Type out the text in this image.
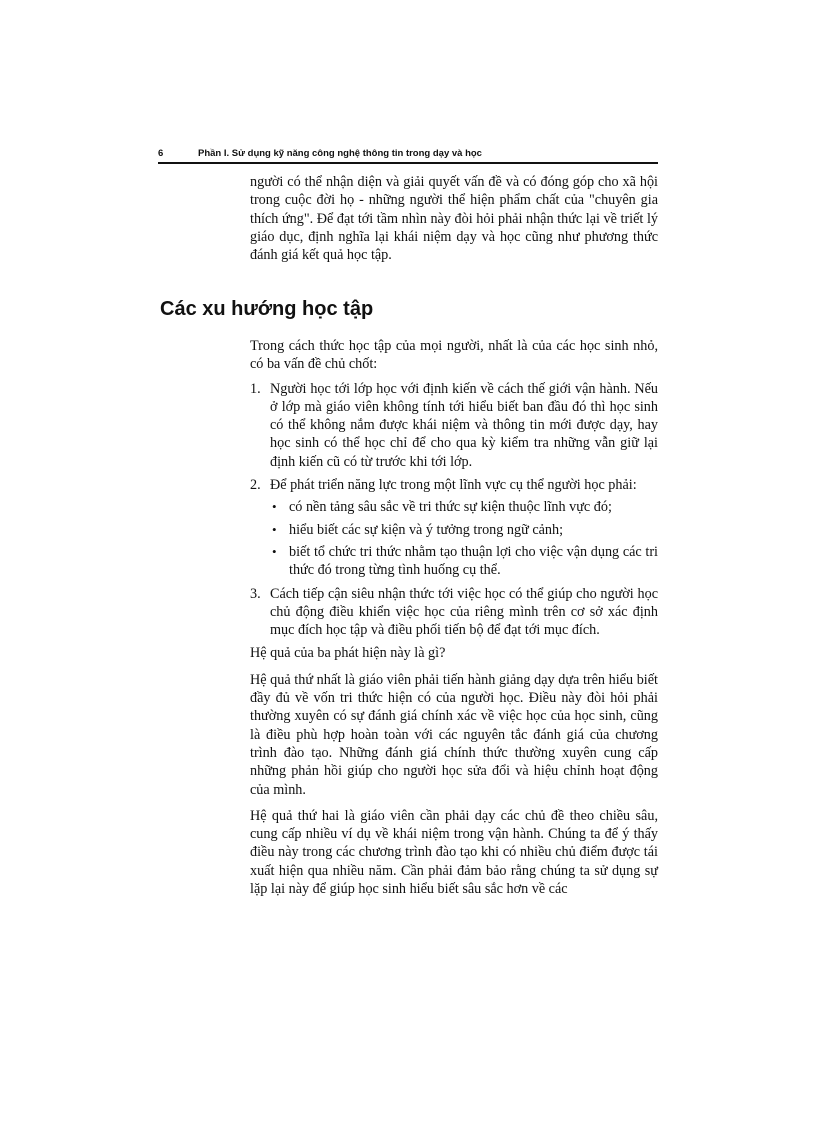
6	Phần I. Sử dụng kỹ năng công nghệ thông tin trong dạy và học

người có thể nhận diện và giải quyết vấn đề và có đóng góp cho xã hội trong cuộc đời họ - những người thể hiện phẩm chất của "chuyên gia thích ứng". Để đạt tới tầm nhìn này đòi hỏi phải nhận thức lại về triết lý giáo dục, định nghĩa lại khái niệm dạy và học cũng như phương thức đánh giá kết quả học tập.

Các xu hướng học tập

Trong cách thức học tập của mọi người, nhất là của các học sinh nhỏ, có ba vấn đề chủ chốt:

1. Người học tới lớp học với định kiến về cách thế giới vận hành. Nếu ở lớp mà giáo viên không tính tới hiểu biết ban đầu đó thì học sinh có thể không nắm được khái niệm và thông tin mới được dạy, hay học sinh có thể học chỉ để cho qua kỳ kiểm tra những vẫn giữ lại định kiến cũ có từ trước khi tới lớp.
2. Để phát triển năng lực trong một lĩnh vực cụ thể người học phải:
• có nền tảng sâu sắc về tri thức sự kiện thuộc lĩnh vực đó;
• hiểu biết các sự kiện và ý tưởng trong ngữ cảnh;
• biết tổ chức tri thức nhằm tạo thuận lợi cho việc vận dụng các tri thức đó trong từng tình huống cụ thể.
3. Cách tiếp cận siêu nhận thức tới việc học có thể giúp cho người học chủ động điều khiển việc học của riêng mình trên cơ sở xác định mục đích học tập và điều phối tiến bộ để đạt tới mục đích.

Hệ quả của ba phát hiện này là gì?

Hệ quả thứ nhất là giáo viên phải tiến hành giảng dạy dựa trên hiểu biết đầy đủ về vốn tri thức hiện có của người học. Điều này đòi hỏi phải thường xuyên có sự đánh giá chính xác về việc học của học sinh, cũng là điều phù hợp hoàn toàn với các nguyên tắc đánh giá của chương trình đào tạo. Những đánh giá chính thức thường xuyên cung cấp những phản hồi giúp cho người học sửa đổi và hiệu chỉnh hoạt động của mình.

Hệ quả thứ hai là giáo viên cần phải dạy các chủ đề theo chiều sâu, cung cấp nhiều ví dụ về khái niệm trong vận hành. Chúng ta để ý thấy điều này trong các chương trình đào tạo khi có nhiều chủ điểm được tái xuất hiện qua nhiều năm. Cần phải đảm bảo rằng chúng ta sử dụng sự lặp lại này để giúp học sinh hiểu biết sâu sắc hơn về các
